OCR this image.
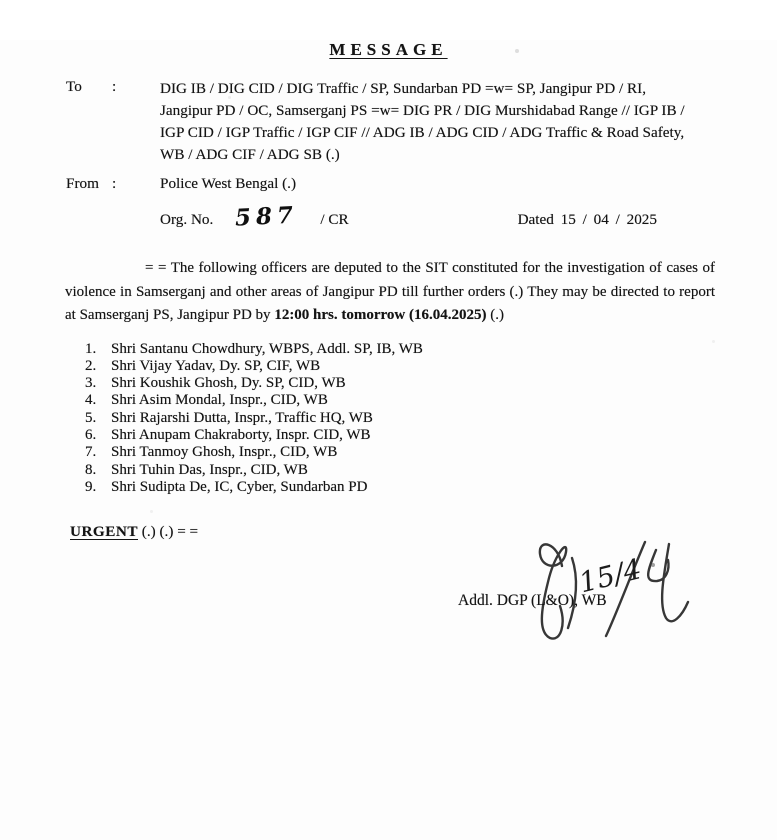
MESSAGE
To	:	DIG IB / DIG CID / DIG Traffic / SP, Sundarban PD =w= SP, Jangipur PD / RI,
Jangipur PD / OC, Samserganj PS =w= DIG PR / DIG Murshidabad Range // IGP IB /
IGP CID / IGP Traffic / IGP CIF // ADG IB / ADG CID / ADG Traffic & Road Safety,
WB / ADG CIF / ADG SB (.)
From :	Police West Bengal (.)
Org. No. 587 / CR	Dated 15 / 04 / 2025
= = The following officers are deputed to the SIT constituted for the investigation of cases of violence in Samserganj and other areas of Jangipur PD till further orders (.) They may be directed to report at Samserganj PS, Jangipur PD by 12:00 hrs. tomorrow (16.04.2025) (.)
1. Shri Santanu Chowdhury, WBPS, Addl. SP, IB, WB
2. Shri Vijay Yadav, Dy. SP, CIF, WB
3. Shri Koushik Ghosh, Dy. SP, CID, WB
4. Shri Asim Mondal, Inspr., CID, WB
5. Shri Rajarshi Dutta, Inspr., Traffic HQ, WB
6. Shri Anupam Chakraborty, Inspr. CID, WB
7. Shri Tanmoy Ghosh, Inspr., CID, WB
8. Shri Tuhin Das, Inspr., CID, WB
9. Shri Sudipta De, IC, Cyber, Sundarban PD
URGENT (.) (.) = =
15/4
Addl. DGP (L&O), WB
